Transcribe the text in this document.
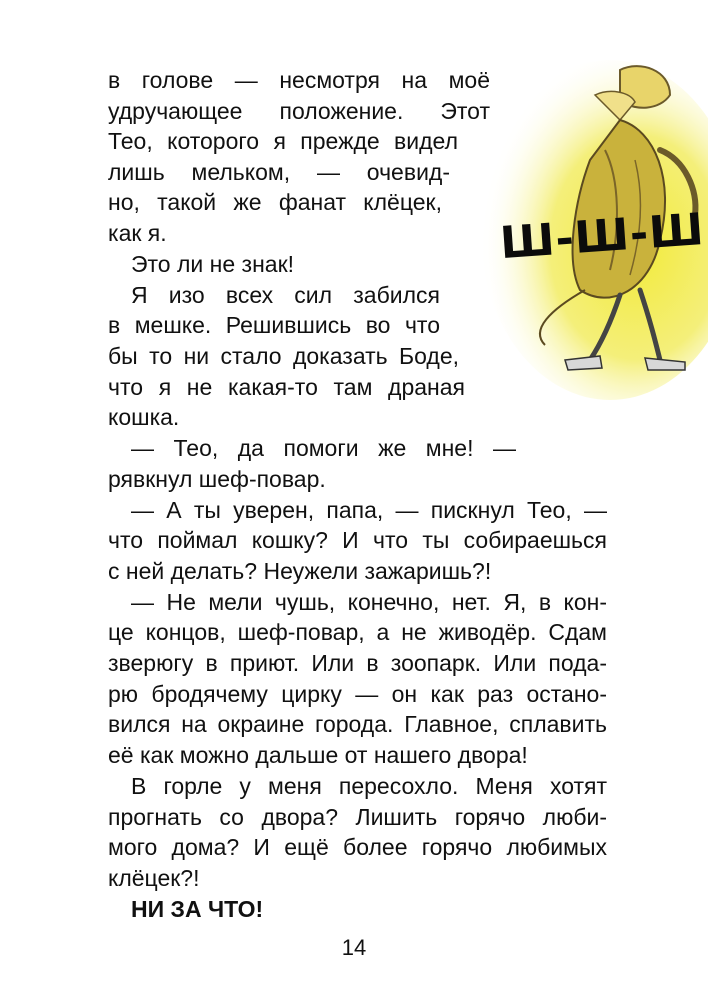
Ш-Ш-Ш
в голове — несмотря на моё
удручающее положение. Этот
Тео, которого я прежде видел
лишь мельком, — очевид-
но, такой же фанат клёцек,
как я.
Это ли не знак!
Я изо всех сил забился
в мешке. Решившись во что
бы то ни стало доказать Боде,
что я не какая-то там драная
кошка.
— Тео, да помоги же мне! —
рявкнул шеф-повар.
— А ты уверен, папа, — пискнул Тео, —
что поймал кошку? И что ты собираешься
с ней делать? Неужели зажаришь?!
— Не мели чушь, конечно, нет. Я, в кон-
це концов, шеф-повар, а не живодёр. Сдам
зверюгу в приют. Или в зоопарк. Или пода-
рю бродячему цирку — он как раз остано-
вился на окраине города. Главное, сплавить
её как можно дальше от нашего двора!
В горле у меня пересохло. Меня хотят
прогнать со двора? Лишить горячо люби-
мого дома? И ещё более горячо любимых
клёцек?!
НИ ЗА ЧТО!
14
